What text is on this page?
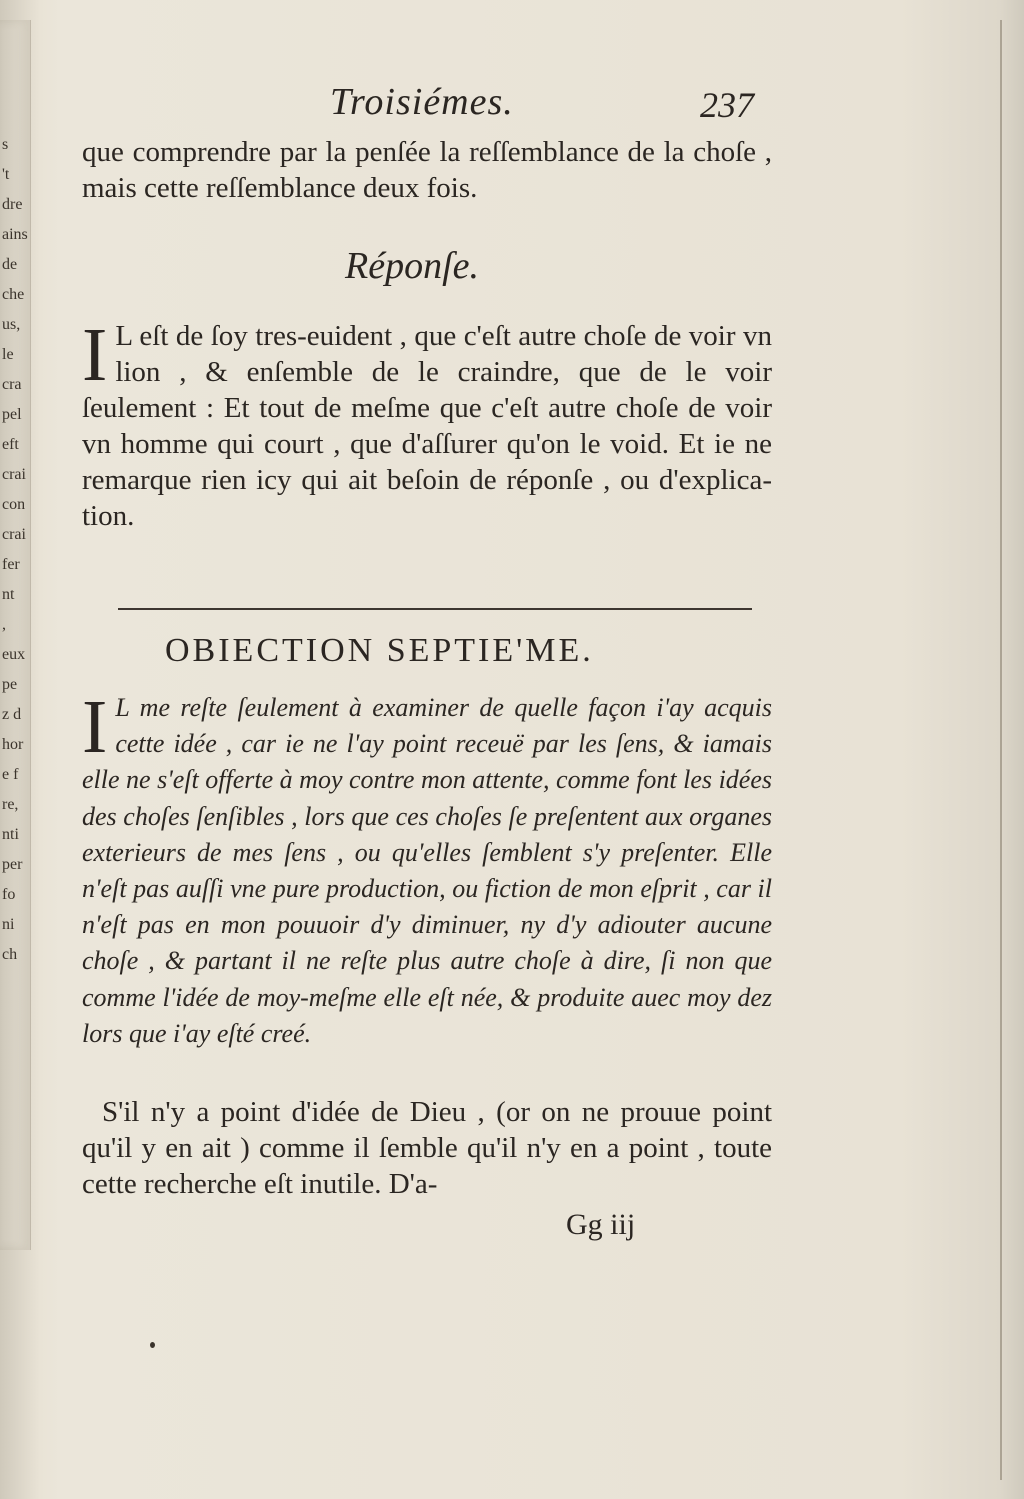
s
't
dre
ains
de
che
us,
le
cra
pel
eft
crai
con
crai
fer
nt
,
eux
pe
z d
hor
e f
re,
nti
per
fo
ni
ch
Troisiémes.	237
que comprendre par la penſée la reſſemblance de la choſe , mais cette reſſemblance deux fois.
Réponſe.
I L eſt de ſoy tres-euident , que c'eſt autre choſe de voir vn lion , & enſemble de le craindre, que de le voir ſeulement : Et tout de meſme que c'eſt autre choſe de voir vn homme qui court , que d'aſſurer qu'on le void. Et ie ne remarque rien icy qui ait beſoin de réponſe , ou d'explica-tion.
OBIECTION SEPTIE'ME.
I L me reſte ſeulement à examiner de quelle façon i'ay acquis cette idée , car ie ne l'ay point receuë par les ſens, & iamais elle ne s'eſt offerte à moy contre mon attente, comme font les idées des choſes ſenſibles , lors que ces choſes ſe preſentent aux organes exterieurs de mes ſens , ou qu'elles ſemblent s'y preſenter. Elle n'eſt pas auſſi vne pure production, ou fiction de mon eſprit , car il n'eſt pas en mon pouuoir d'y diminuer, ny d'y adiouter aucune choſe , & partant il ne reſte plus autre choſe à dire, ſi non que comme l'idée de moy-meſme elle eſt née, & produite auec moy dez lors que i'ay eſté creé.
S'il n'y a point d'idée de Dieu , (or on ne prouue point qu'il y en ait ) comme il ſemble qu'il n'y en a point , toute cette recherche eſt inutile. D'a-
Gg iij
